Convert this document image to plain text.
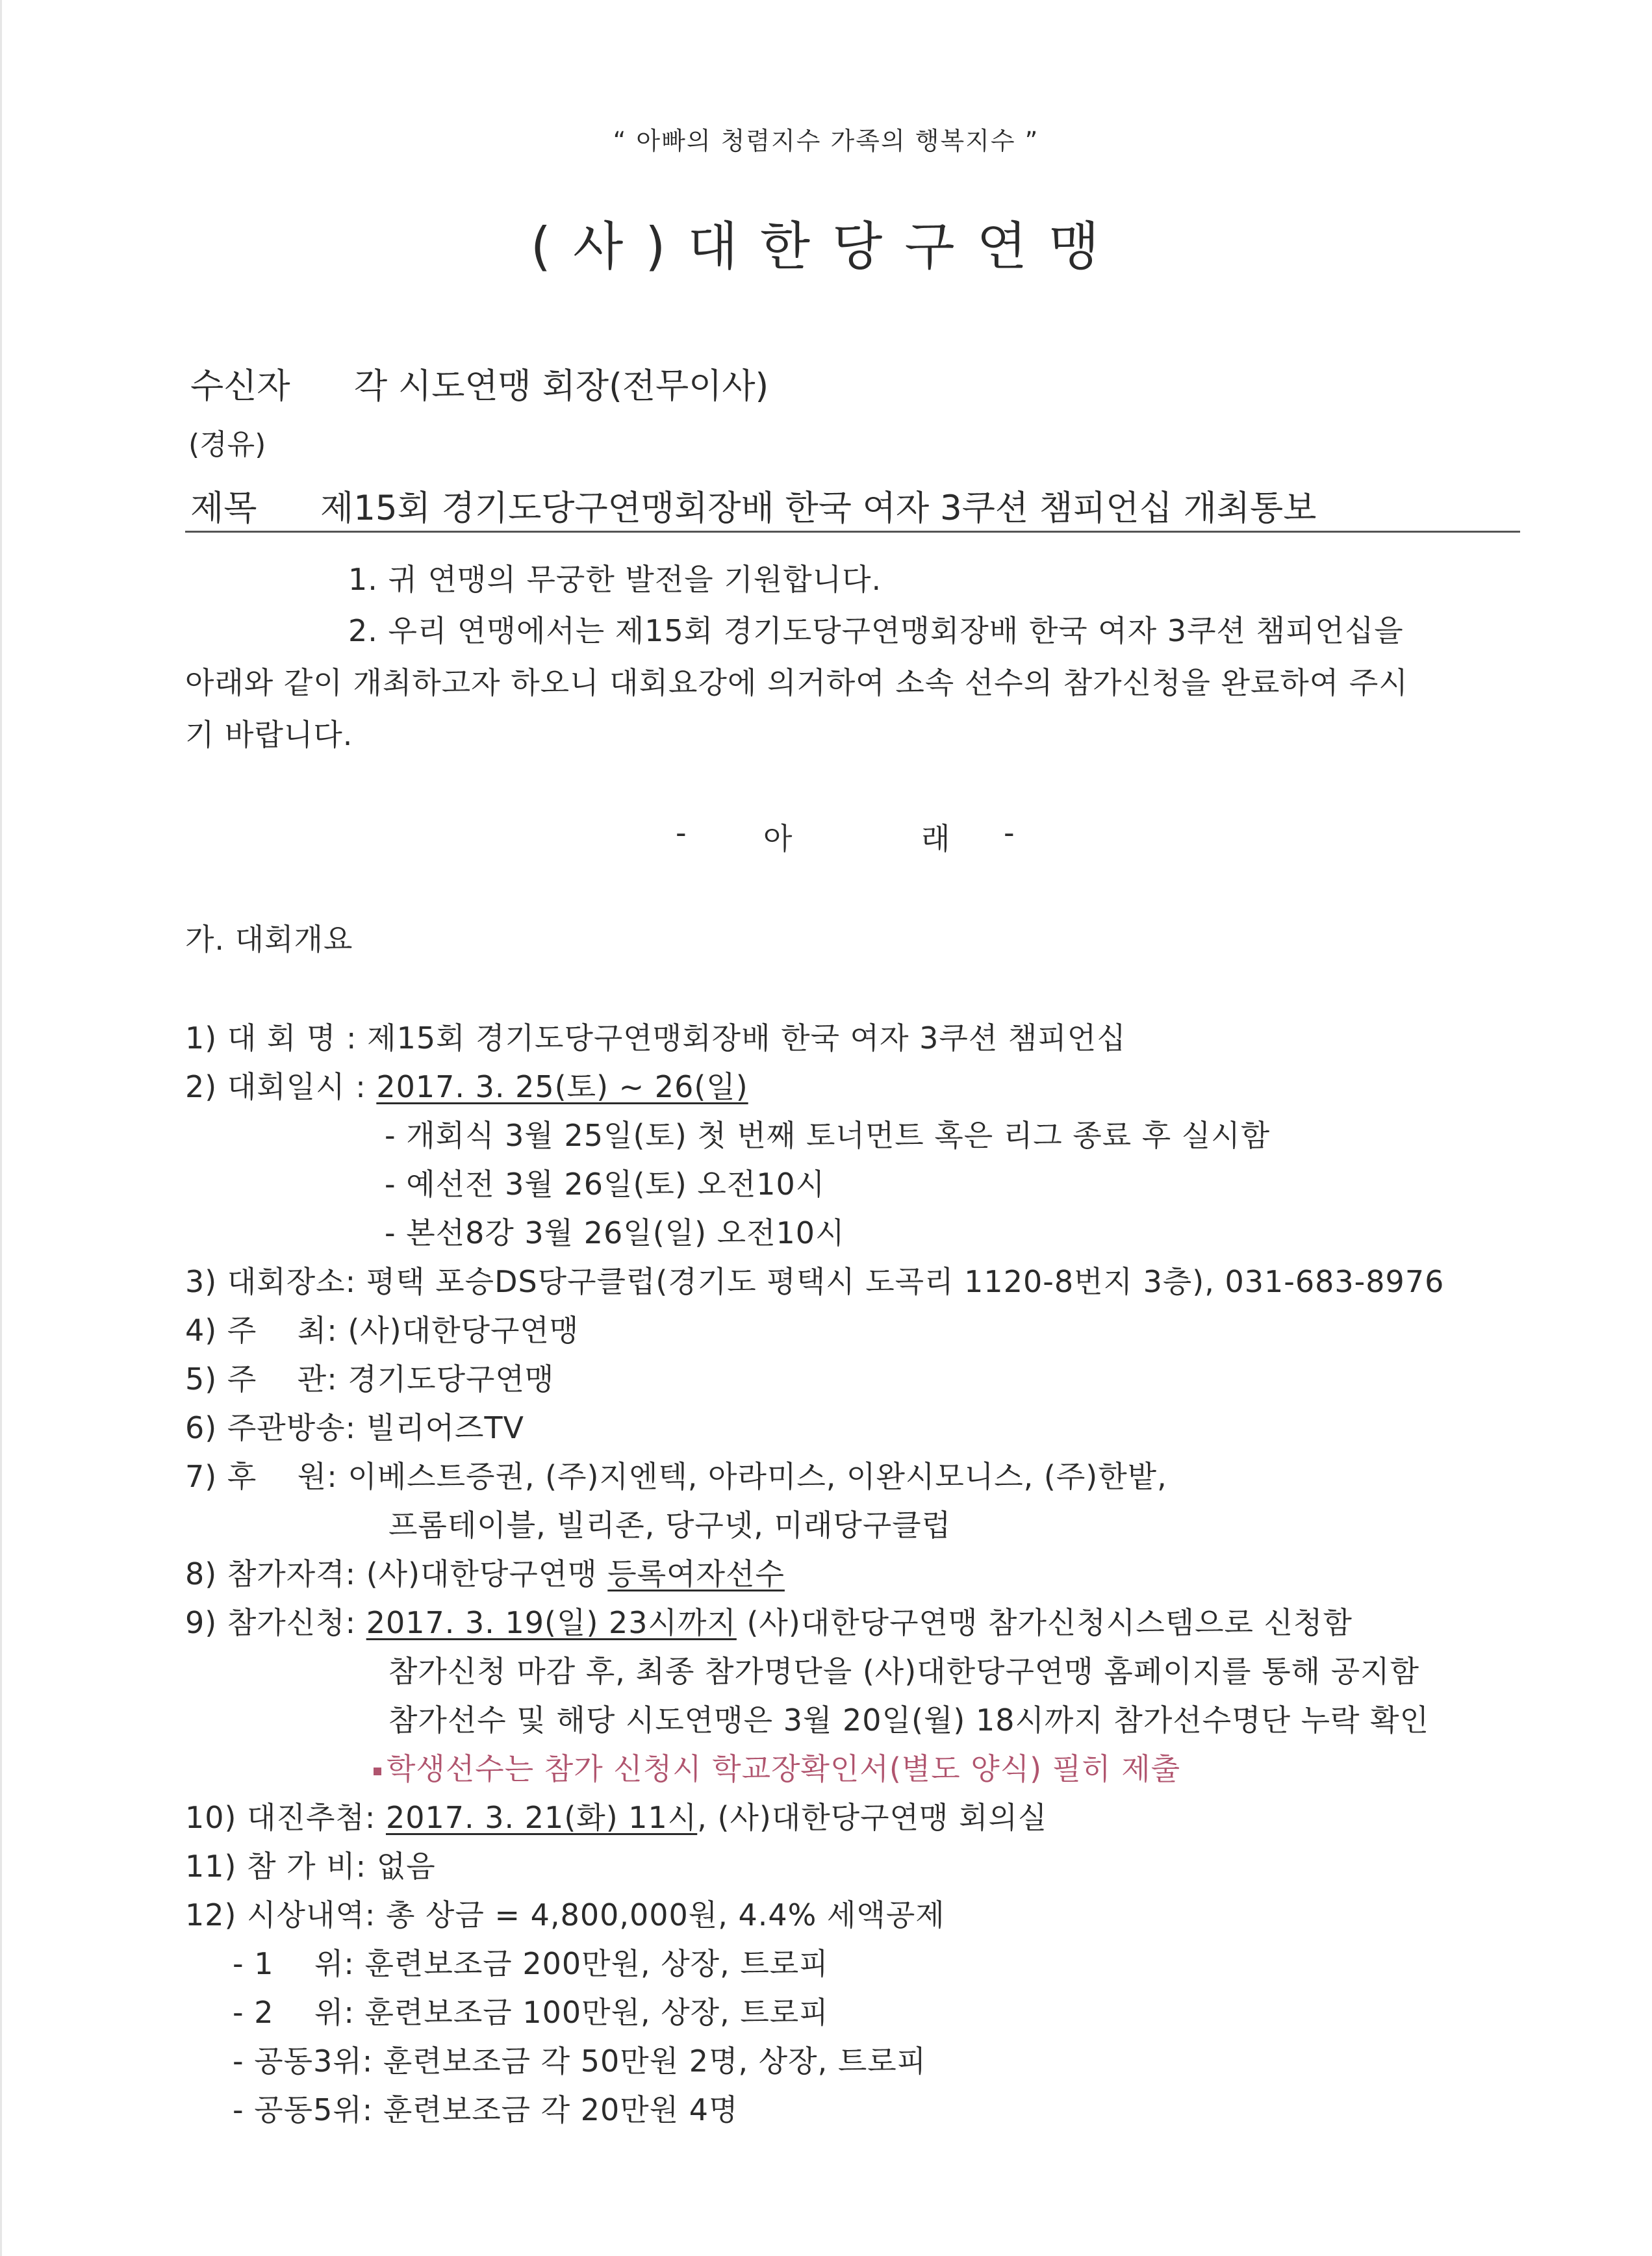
“ 아빠의 청렴지수 가족의 행복지수 ”
(사)대한당구연맹
수신자 각 시도연맹 회장(전무이사)
(경유)
제목 제15회 경기도당구연맹회장배 한국 여자 3쿠션 챔피언십 개최통보
1. 귀 연맹의 무궁한 발전을 기원합니다.
2. 우리 연맹에서는 제15회 경기도당구연맹회장배 한국 여자 3쿠션 챔피언십을
아래와 같이 개최하고자 하오니 대회요강에 의거하여 소속 선수의 참가신청을 완료하여 주시
기 바랍니다.
-	아	래 -
가. 대회개요
1) 대 회 명 : 제15회 경기도당구연맹회장배 한국 여자 3쿠션 챔피언십
2) 대회일시 : 2017. 3. 25(토) ~ 26(일)
- 개회식 3월 25일(토) 첫 번째 토너먼트 혹은 리그 종료 후 실시함
- 예선전 3월 26일(토) 오전10시
- 본선8강 3월 26일(일) 오전10시
3) 대회장소: 평택 포승DS당구클럽(경기도 평택시 도곡리 1120-8번지 3층), 031-683-8976
4) 주    최: (사)대한당구연맹
5) 주    관: 경기도당구연맹
6) 주관방송: 빌리어즈TV
7) 후    원: 이베스트증권, (주)지엔텍, 아라미스, 이완시모니스, (주)한밭,
프롬테이블, 빌리존, 당구넷, 미래당구클럽
8) 참가자격: (사)대한당구연맹 등록여자선수
9) 참가신청: 2017. 3. 19(일) 23시까지 (사)대한당구연맹 참가신청시스템으로 신청함
참가신청 마감 후, 최종 참가명단을 (사)대한당구연맹 홈페이지를 통해 공지함
참가선수 및 해당 시도연맹은 3월 20일(월) 18시까지 참가선수명단 누락 확인
학생선수는 참가 신청시 학교장확인서(별도 양식) 필히 제출
10) 대진추첨: 2017. 3. 21(화) 11시, (사)대한당구연맹 회의실
11) 참 가 비: 없음
12) 시상내역: 총 상금 = 4,800,000원, 4.4% 세액공제
- 1    위: 훈련보조금 200만원, 상장, 트로피
- 2    위: 훈련보조금 100만원, 상장, 트로피
- 공동3위: 훈련보조금 각 50만원 2명, 상장, 트로피
- 공동5위: 훈련보조금 각 20만원 4명
